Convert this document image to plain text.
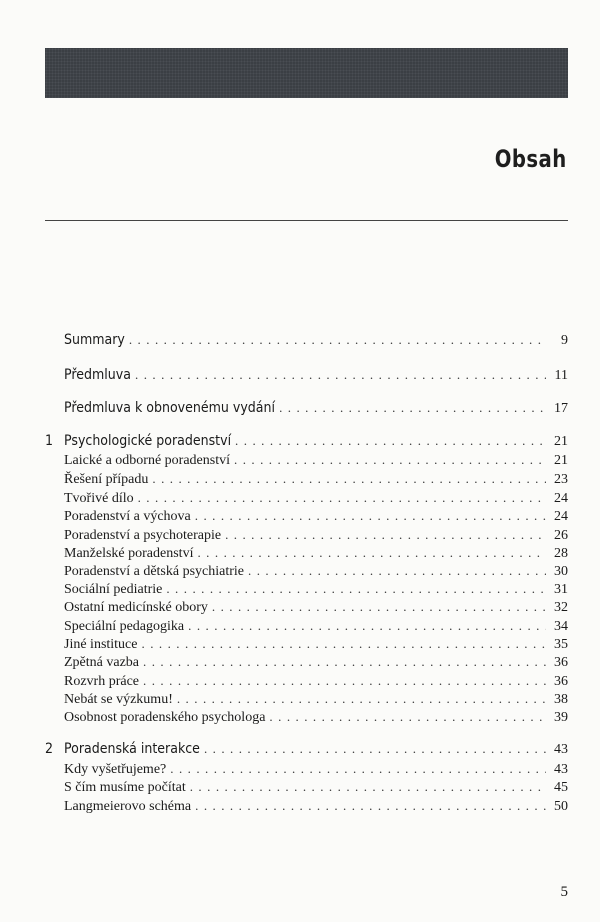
Obsah
Summary . . .	9
Předmluva . . .	11
Předmluva k obnovenému vydání . . .	17
1 Psychologické poradenství . . .	21
Laické a odborné poradenství . . .	21
Řešení případu . . .	23
Tvořivé dílo . . .	24
Poradenství a výchova . . .	24
Poradenství a psychoterapie . . .	26
Manželské poradenství . . .	28
Poradenství a dětská psychiatrie . . .	30
Sociální pediatrie . . .	31
Ostatní medicínské obory . . .	32
Speciální pedagogika . . .	34
Jiné instituce . . .	35
Zpětná vazba . . .	36
Rozvrh práce . . .	36
Nebát se výzkumu! . . .	38
Osobnost poradenského psychologa . . .	39
2 Poradenská interakce . . .	43
Kdy vyšetřujeme? . . .	43
S čím musíme počítat . . .	45
Langmeierovo schéma . . .	50
5
